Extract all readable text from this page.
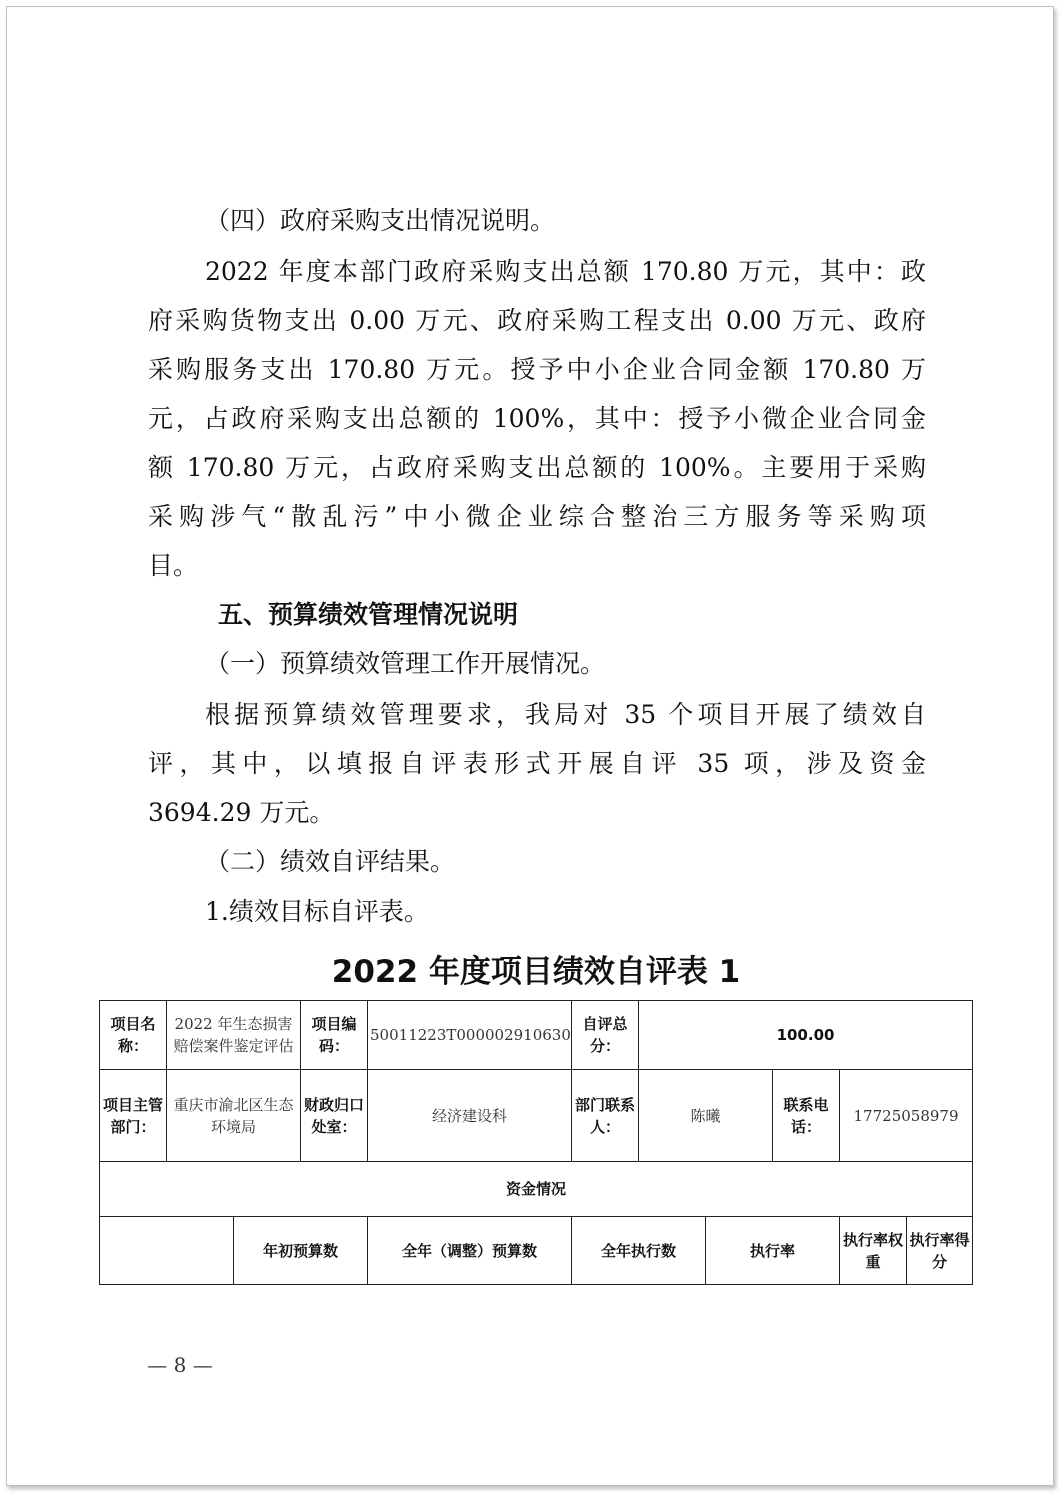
（四）政府采购支出情况说明。
2022 年度本部门政府采购支出总额 170.80 万元，其中：政
府采购货物支出 0.00 万元、政府采购工程支出 0.00 万元、政府
采购服务支出 170.80 万元。授予中小企业合同金额 170.80 万
元，占政府采购支出总额的 100%，其中：授予小微企业合同金
额 170.80 万元，占政府采购支出总额的 100%。主要用于采购
采购涉气“散乱污”中小微企业综合整治三方服务等采购项
目。
五、预算绩效管理情况说明
（一）预算绩效管理工作开展情况。
根据预算绩效管理要求，我局对 35 个项目开展了绩效自
评，其中，以填报自评表形式开展自评 35 项，涉及资金
3694.29 万元。
（二）绩效自评结果。
1.绩效目标自评表。
2022 年度项目绩效自评表 1
项目名称：	2022 年生态损害赔偿案件鉴定评估		项目编码：	50011223T000002910630	自评总分：	100.00				
项目主管部门：	重庆市渝北区生态环境局		财政归口处室：	经济建设科	部门联系人：	陈曦		联系电话：	17725058979	
资金情况										
		年初预算数		全年（调整）预算数	全年执行数		执行率		执行率权重	执行率得分
— 8 —
